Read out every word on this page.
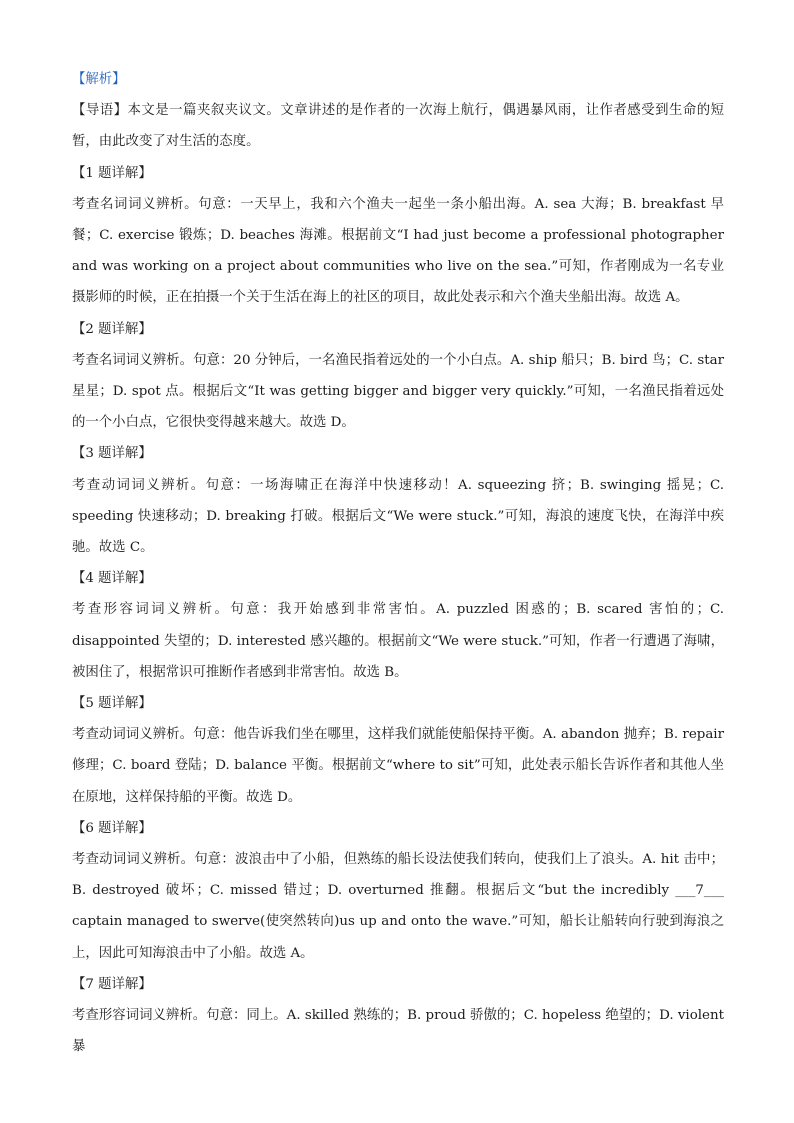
【解析】

【导语】本文是一篇夹叙夹议文。文章讲述的是作者的一次海上航行，偶遇暴风雨，让作者感受到生命的短暂，由此改变了对生活的态度。

【1 题详解】

考查名词词义辨析。句意：一天早上，我和六个渔夫一起坐一条小船出海。A. sea 大海；B. breakfast 早餐；C. exercise 锻炼；D. beaches 海滩。根据前文“I had just become a professional photographer and was working on a project about communities who live on the sea.”可知，作者刚成为一名专业摄影师的时候，正在拍摄一个关于生活在海上的社区的项目，故此处表示和六个渔夫坐船出海。故选 A。

【2 题详解】

考查名词词义辨析。句意：20 分钟后，一名渔民指着远处的一个小白点。A. ship 船只；B. bird 鸟；C. star 星星；D. spot 点。根据后文“It was getting bigger and bigger very quickly.”可知，一名渔民指着远处的一个小白点，它很快变得越来越大。故选 D。

【3 题详解】

考查动词词义辨析。句意：一场海啸正在海洋中快速移动！A. squeezing 挤；B. swinging 摇晃；C. speeding 快速移动；D. breaking 打破。根据后文“We were stuck.”可知，海浪的速度飞快，在海洋中疾驰。故选 C。

【4 题详解】

考查形容词词义辨析。句意：我开始感到非常害怕。A. puzzled 困惑的；B. scared 害怕的；C. disappointed 失望的；D. interested 感兴趣的。根据前文“We were stuck.”可知，作者一行遭遇了海啸，被困住了，根据常识可推断作者感到非常害怕。故选 B。

【5 题详解】

考查动词词义辨析。句意：他告诉我们坐在哪里，这样我们就能使船保持平衡。A. abandon 抛弃；B. repair 修理；C. board 登陆；D. balance 平衡。根据前文“where to sit”可知，此处表示船长告诉作者和其他人坐在原地，这样保持船的平衡。故选 D。

【6 题详解】

考查动词词义辨析。句意：波浪击中了小船，但熟练的船长设法使我们转向，使我们上了浪头。A. hit 击中；B. destroyed 破坏；C. missed 错过；D. overturned 推翻。根据后文“but the incredibly ___7___ captain managed to swerve(使突然转向)us up and onto the wave.”可知，船长让船转向行驶到海浪之上，因此可知海浪击中了小船。故选 A。

【7 题详解】

考查形容词词义辨析。句意：同上。A. skilled 熟练的；B. proud 骄傲的；C. hopeless 绝望的；D. violent 暴
